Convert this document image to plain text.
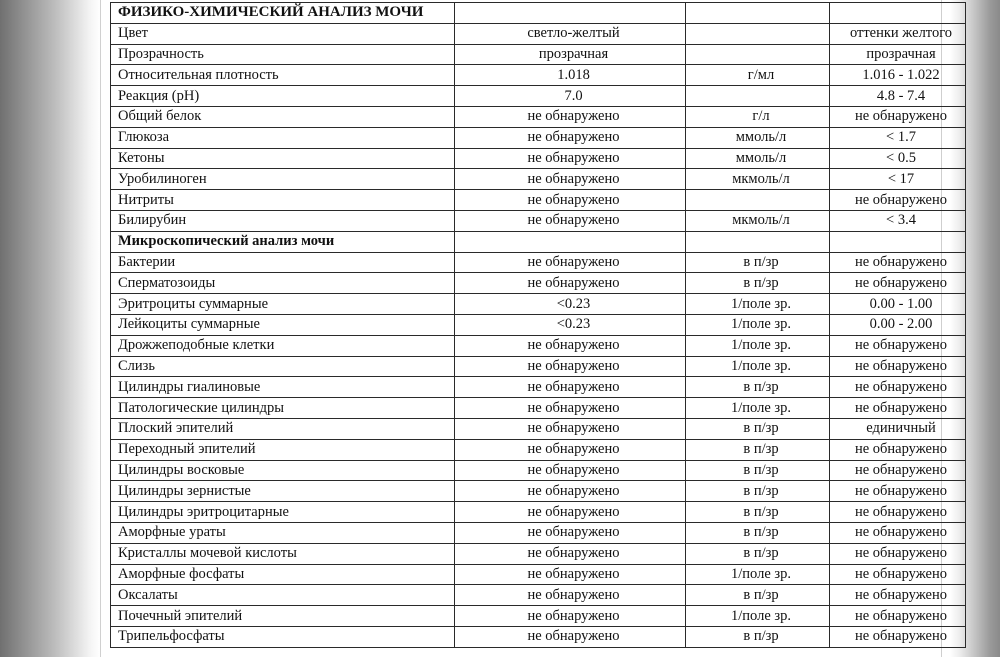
ФИЗИКО-ХИМИЧЕСКИЙ АНАЛИЗ МОЧИ			
Цвет	светло-желтый		оттенки желтого
Прозрачность	прозрачная		прозрачная
Относительная плотность	1.018	г/мл	1.016 - 1.022
Реакция (pH)	7.0		4.8 - 7.4
Общий белок	не обнаружено	г/л	не обнаружено
Глюкоза	не обнаружено	ммоль/л	< 1.7
Кетоны	не обнаружено	ммоль/л	< 0.5
Уробилиноген	не обнаружено	мкмоль/л	< 17
Нитриты	не обнаружено		не обнаружено
Билирубин	не обнаружено	мкмоль/л	< 3.4
Микроскопический анализ мочи			
Бактерии	не обнаружено	в п/зр	не обнаружено
Сперматозоиды	не обнаружено	в п/зр	не обнаружено
Эритроциты суммарные	<0.23	1/поле зр.	0.00 - 1.00
Лейкоциты суммарные	<0.23	1/поле зр.	0.00 - 2.00
Дрожжеподобные клетки	не обнаружено	1/поле зр.	не обнаружено
Слизь	не обнаружено	1/поле зр.	не обнаружено
Цилиндры гиалиновые	не обнаружено	в п/зр	не обнаружено
Патологические цилиндры	не обнаружено	1/поле зр.	не обнаружено
Плоский эпителий	не обнаружено	в п/зр	единичный
Переходный эпителий	не обнаружено	в п/зр	не обнаружено
Цилиндры восковые	не обнаружено	в п/зр	не обнаружено
Цилиндры зернистые	не обнаружено	в п/зр	не обнаружено
Цилиндры эритроцитарные	не обнаружено	в п/зр	не обнаружено
Аморфные ураты	не обнаружено	в п/зр	не обнаружено
Кристаллы мочевой кислоты	не обнаружено	в п/зр	не обнаружено
Аморфные фосфаты	не обнаружено	1/поле зр.	не обнаружено
Оксалаты	не обнаружено	в п/зр	не обнаружено
Почечный эпителий	не обнаружено	1/поле зр.	не обнаружено
Трипельфосфаты	не обнаружено	в п/зр	не обнаружено
